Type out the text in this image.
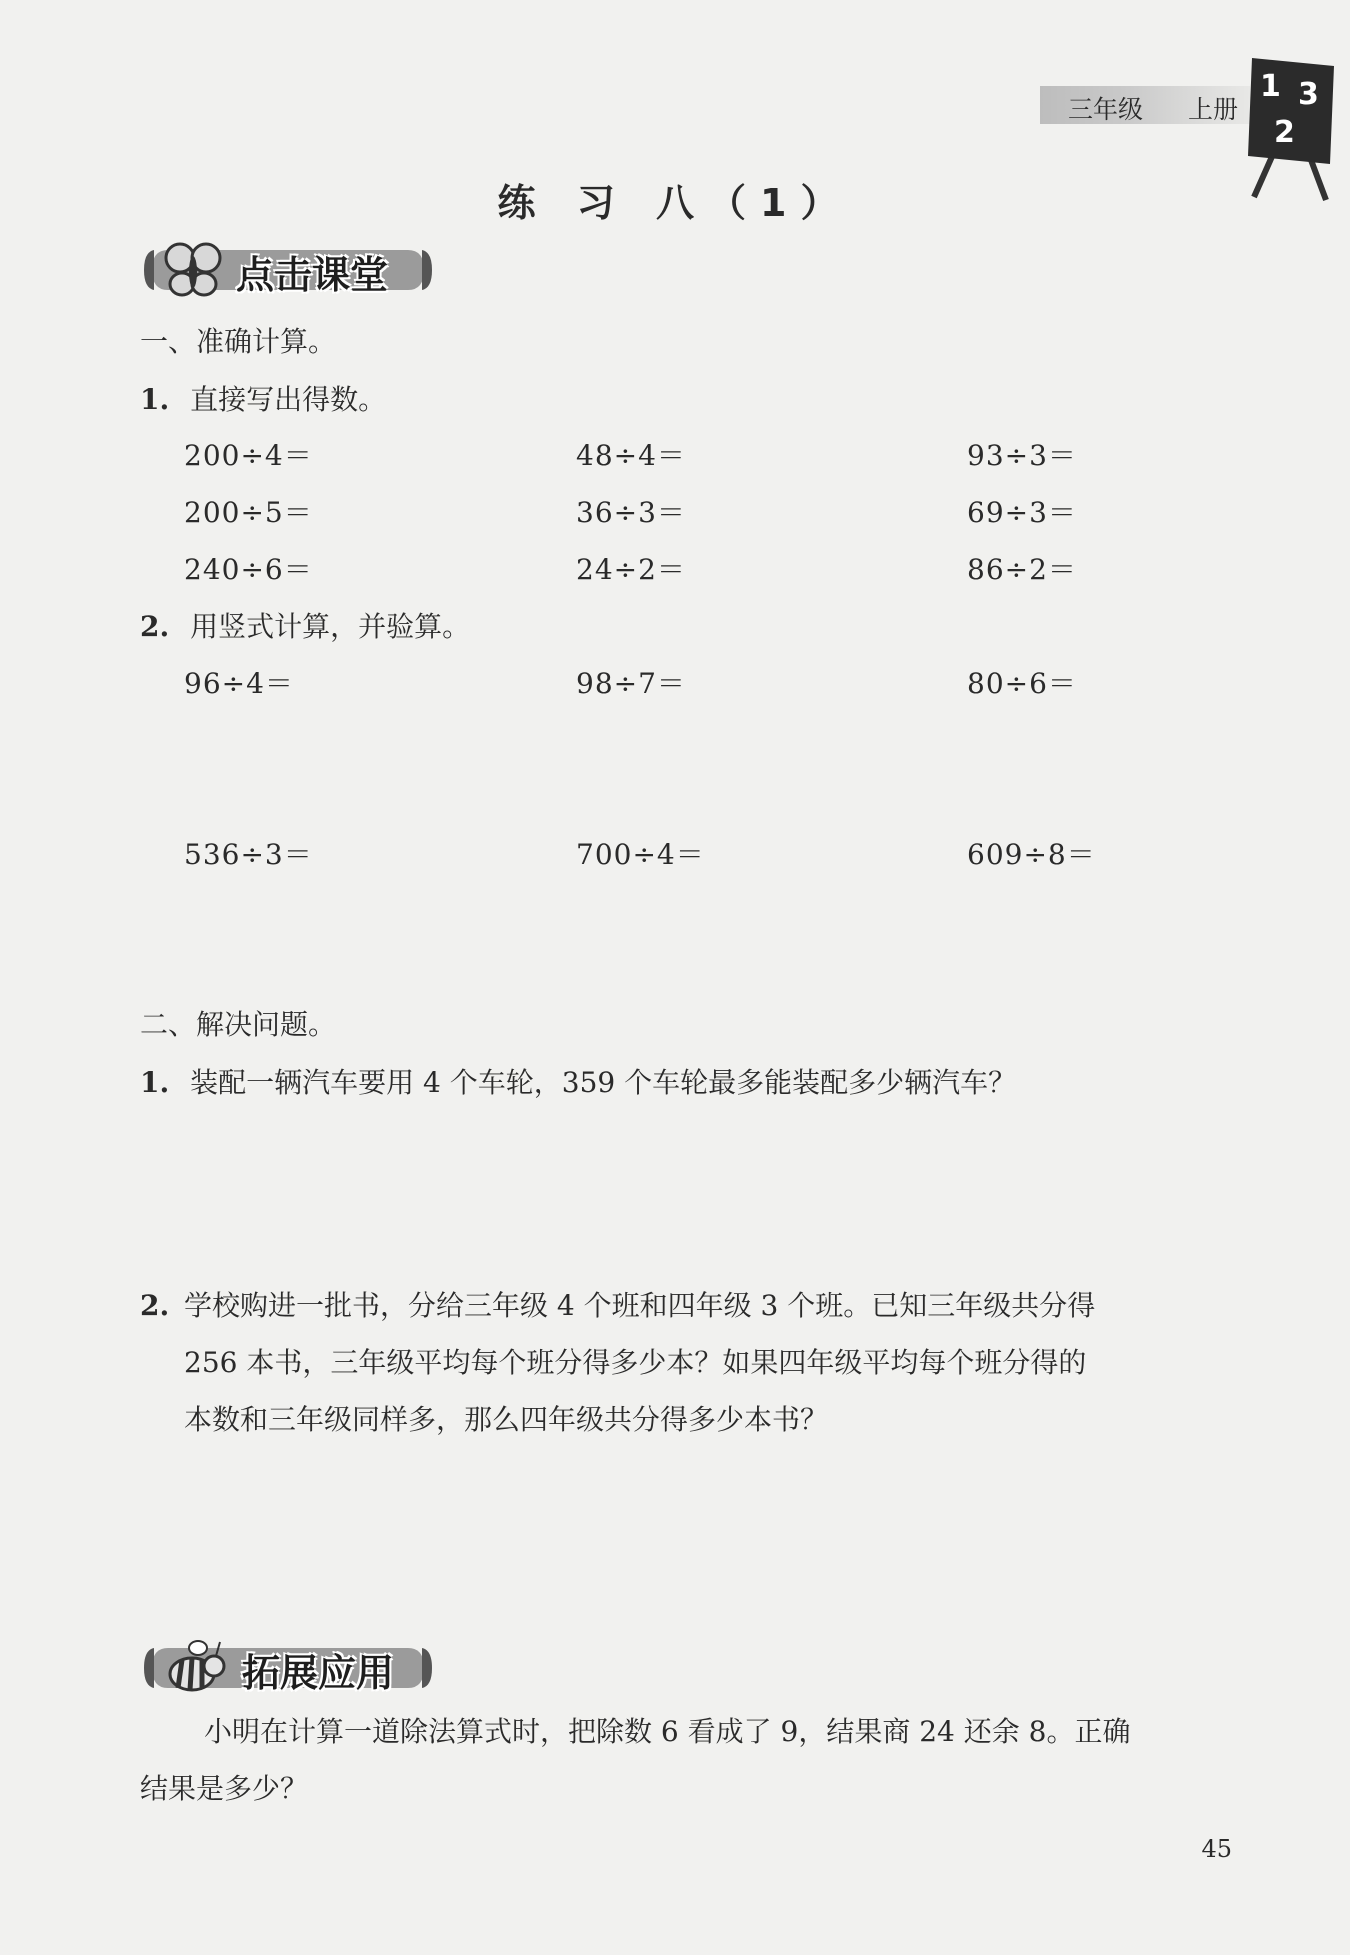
三年级 上册
1 3
2
练 习 八（1）
点击课堂
一、准确计算。
1. 直接写出得数。
200÷4＝	48÷4＝	93÷3＝
200÷5＝	36÷3＝	69÷3＝
240÷6＝	24÷2＝	86÷2＝
2. 用竖式计算，并验算。
96÷4＝	98÷7＝	80÷6＝
536÷3＝	700÷4＝	609÷8＝
二、解决问题。
1. 装配一辆汽车要用 4 个车轮，359 个车轮最多能装配多少辆汽车？
2. 学校购进一批书，分给三年级 4 个班和四年级 3 个班。已知三年级共分得
256 本书，三年级平均每个班分得多少本？如果四年级平均每个班分得的
本数和三年级同样多，那么四年级共分得多少本书？
拓展应用
小明在计算一道除法算式时，把除数 6 看成了 9，结果商 24 还余 8。正确
结果是多少？
45
